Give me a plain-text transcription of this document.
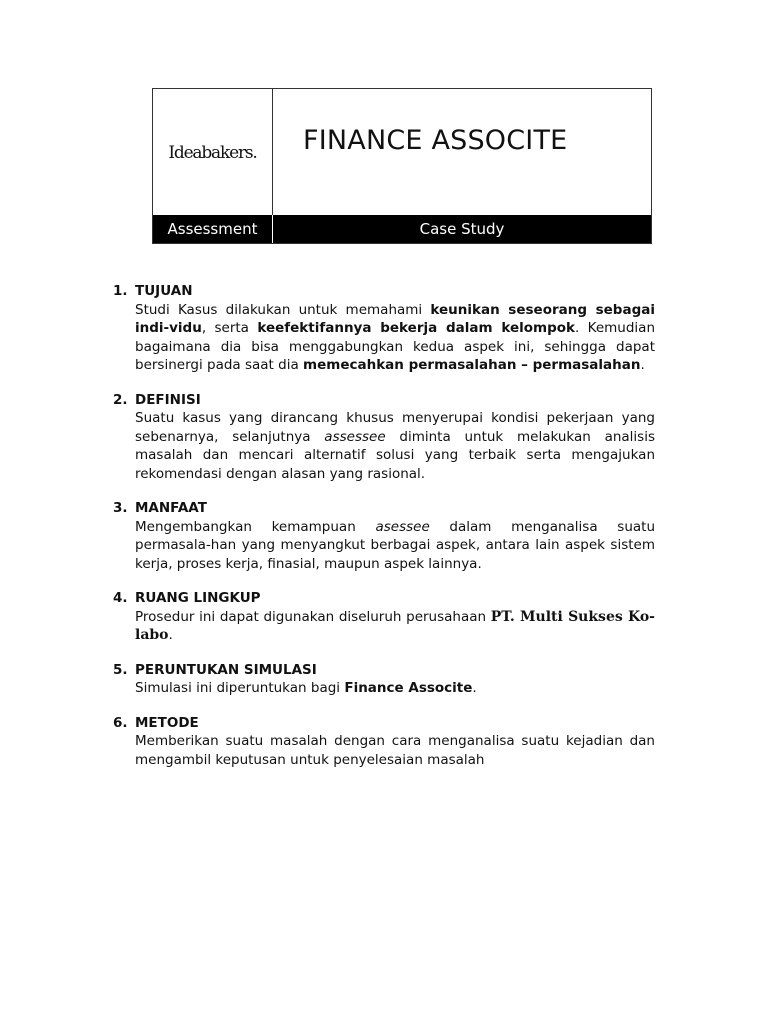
Ideabakers. FINANCE ASSOCITE
Assessment	Case Study
1. TUJUAN
Studi Kasus dilakukan untuk memahami keunikan seseorang sebagai indi-vidu, serta keefektifannya bekerja dalam kelompok. Kemudian bagaimana dia bisa menggabungkan kedua aspek ini, sehingga dapat bersinergi pada saat dia memecahkan permasalahan – permasalahan.
2. DEFINISI
Suatu kasus yang dirancang khusus menyerupai kondisi pekerjaan yang sebenarnya, selanjutnya assessee diminta untuk melakukan analisis masalah dan mencari alternatif solusi yang terbaik serta mengajukan rekomendasi dengan alasan yang rasional.
3. MANFAAT
Mengembangkan kemampuan asessee dalam menganalisa suatu permasala-han yang menyangkut berbagai aspek, antara lain aspek sistem kerja, proses kerja, finasial, maupun aspek lainnya.
4. RUANG LINGKUP
Prosedur ini dapat digunakan diseluruh perusahaan PT. Multi Sukses Ko-labo.
5. PERUNTUKAN SIMULASI
Simulasi ini diperuntukan bagi Finance Associte.
6. METODE
Memberikan suatu masalah dengan cara menganalisa suatu kejadian dan mengambil keputusan untuk penyelesaian masalah
